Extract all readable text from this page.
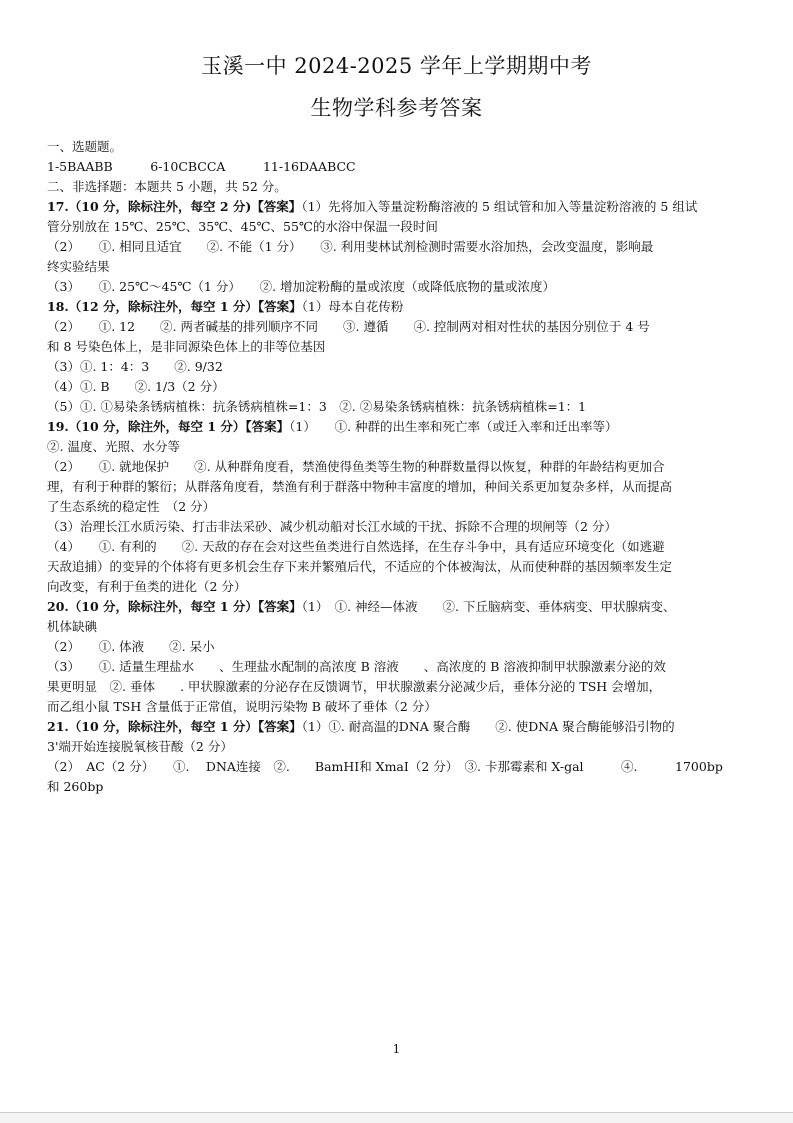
玉溪一中 2024-2025 学年上学期期中考
生物学科参考答案
一、选题题。
1-5BAABB　　　6-10CBCCA　　　11-16DAABCC
二、非选择题：本题共 5 小题，共 52 分。
17.（10 分，除标注外，每空 2 分)【答案】（1）先将加入等量淀粉酶溶液的 5 组试管和加入等量淀粉溶液的 5 组试
管分别放在 15℃、25℃、35℃、45℃、55℃的水浴中保温一段时间
（2）　　①. 相同且适宜　　②. 不能（1 分）　　③. 利用斐林试剂检测时需要水浴加热，会改变温度，影响最
终实验结果
（3）　　①. 25℃～45℃（1 分）　　②. 增加淀粉酶的量或浓度（或降低底物的量或浓度）
18.（12 分，除标注外，每空 1 分）【答案】（1）母本自花传粉
（2）　　①. 12　　②. 两者碱基的排列顺序不同　　③. 遵循　　④. 控制两对相对性状的基因分别位于 4 号
和 8 号染色体上，是非同源染色体上的非等位基因
（3）①. 1：4：3　　②. 9/32
（4）①. B　　②. 1/3（2 分）
（5）①. ①易染条锈病植株：抗条锈病植株=1：3　②. ②易染条锈病植株：抗条锈病植株=1：1
19.（10 分，除注外，每空 1 分）【答案】（1）　　①. 种群的出生率和死亡率（或迁入率和迁出率等）
②. 温度、光照、水分等
（2）　　①. 就地保护　　②. 从种群角度看，禁渔使得鱼类等生物的种群数量得以恢复，种群的年龄结构更加合
理，有利于种群的繁衍；从群落角度看，禁渔有利于群落中物种丰富度的增加，种间关系更加复杂多样，从而提高
了生态系统的稳定性　（2 分）
（3）治理长江水质污染、打击非法采砂、减少机动船对长江水域的干扰、拆除不合理的坝闸等（2 分）
（4）　　①. 有利的　　②. 天敌的存在会对这些鱼类进行自然选择，在生存斗争中，具有适应环境变化（如逃避
天敌追捕）的变异的个体将有更多机会生存下来并繁殖后代，不适应的个体被淘汰，从而使种群的基因频率发生定
向改变，有利于鱼类的进化（2 分）
20.（10 分，除标注外，每空 1 分）【答案】（1）　①. 神经—体液　　②. 下丘脑病变、垂体病变、甲状腺病变、
机体缺碘
（2）　　①. 体液　　②. 呆小
（3）　　①. 适量生理盐水　　、生理盐水配制的高浓度 B 溶液　　、高浓度的 B 溶液抑制甲状腺激素分泌的效
果更明显　②. 垂体　　. 甲状腺激素的分泌存在反馈调节，甲状腺激素分泌减少后，垂体分泌的 TSH 会增加，
而乙组小鼠 TSH 含量低于正常值，说明污染物 B 破坏了垂体（2 分）
21.（10 分，除标注外，每空 1 分）【答案】（1）①. 耐高温的DNA 聚合酶　　②. 使DNA 聚合酶能够沿引物的
3'端开始连接脱氧核苷酸（2 分）
（2）　AC（2 分）　　①.　 DNA连接　②.　　BamHⅠ和 XmaⅠ（2 分）　③. 卡那霉素和 X-gal　　　④.　　　1700bp
和 260bp
1
